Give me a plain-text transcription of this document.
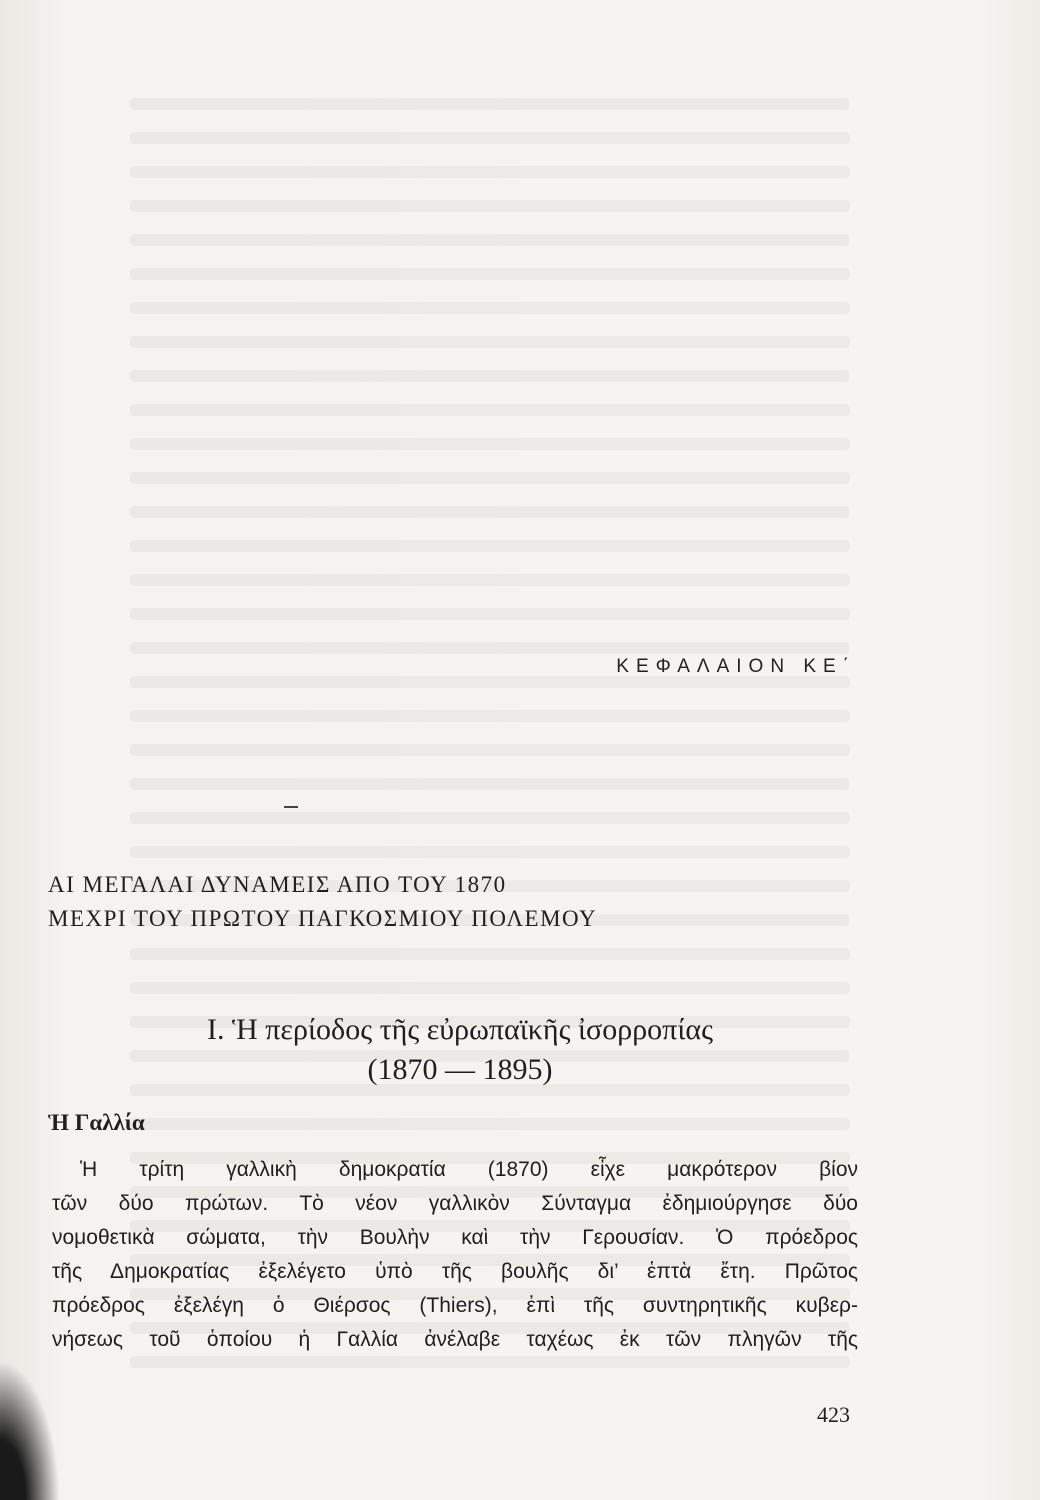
ΚΕΦΑΛΑΙΟΝ ΚΕ΄
ΑΙ ΜΕΓΑΛΑΙ ΔΥΝΑΜΕΙΣ ΑΠΟ ΤΟΥ 1870
ΜΕΧΡΙ ΤΟΥ ΠΡΩΤΟΥ ΠΑΓΚΟΣΜΙΟΥ ΠΟΛΕΜΟΥ
Ι. Ἡ περίοδος τῆς εὐρωπαϊκῆς ἰσορροπίας
(1870 — 1895)
Ἡ Γαλλία
Ἡ τρίτη γαλλικὴ δημοκρατία (1870) εἶχε μακρότερον βίον
τῶν δύο πρώτων. Τὸ νέον γαλλικὸν Σύνταγμα ἐδημιούργησε δύο
νομοθετικὰ σώματα, τὴν Βουλὴν καὶ τὴν Γερουσίαν. Ὁ πρόεδρος
τῆς Δημοκρατίας ἐξελέγετο ὑπὸ τῆς βουλῆς δι’ ἑπτὰ ἔτη. Πρῶτος
πρόεδρος ἐξελέγη ὁ Θιέρσος (Thiers), ἐπὶ τῆς συντηρητικῆς κυβερ-
νήσεως τοῦ ὁποίου ἡ Γαλλία ἀνέλαβε ταχέως ἐκ τῶν πληγῶν τῆς
423
